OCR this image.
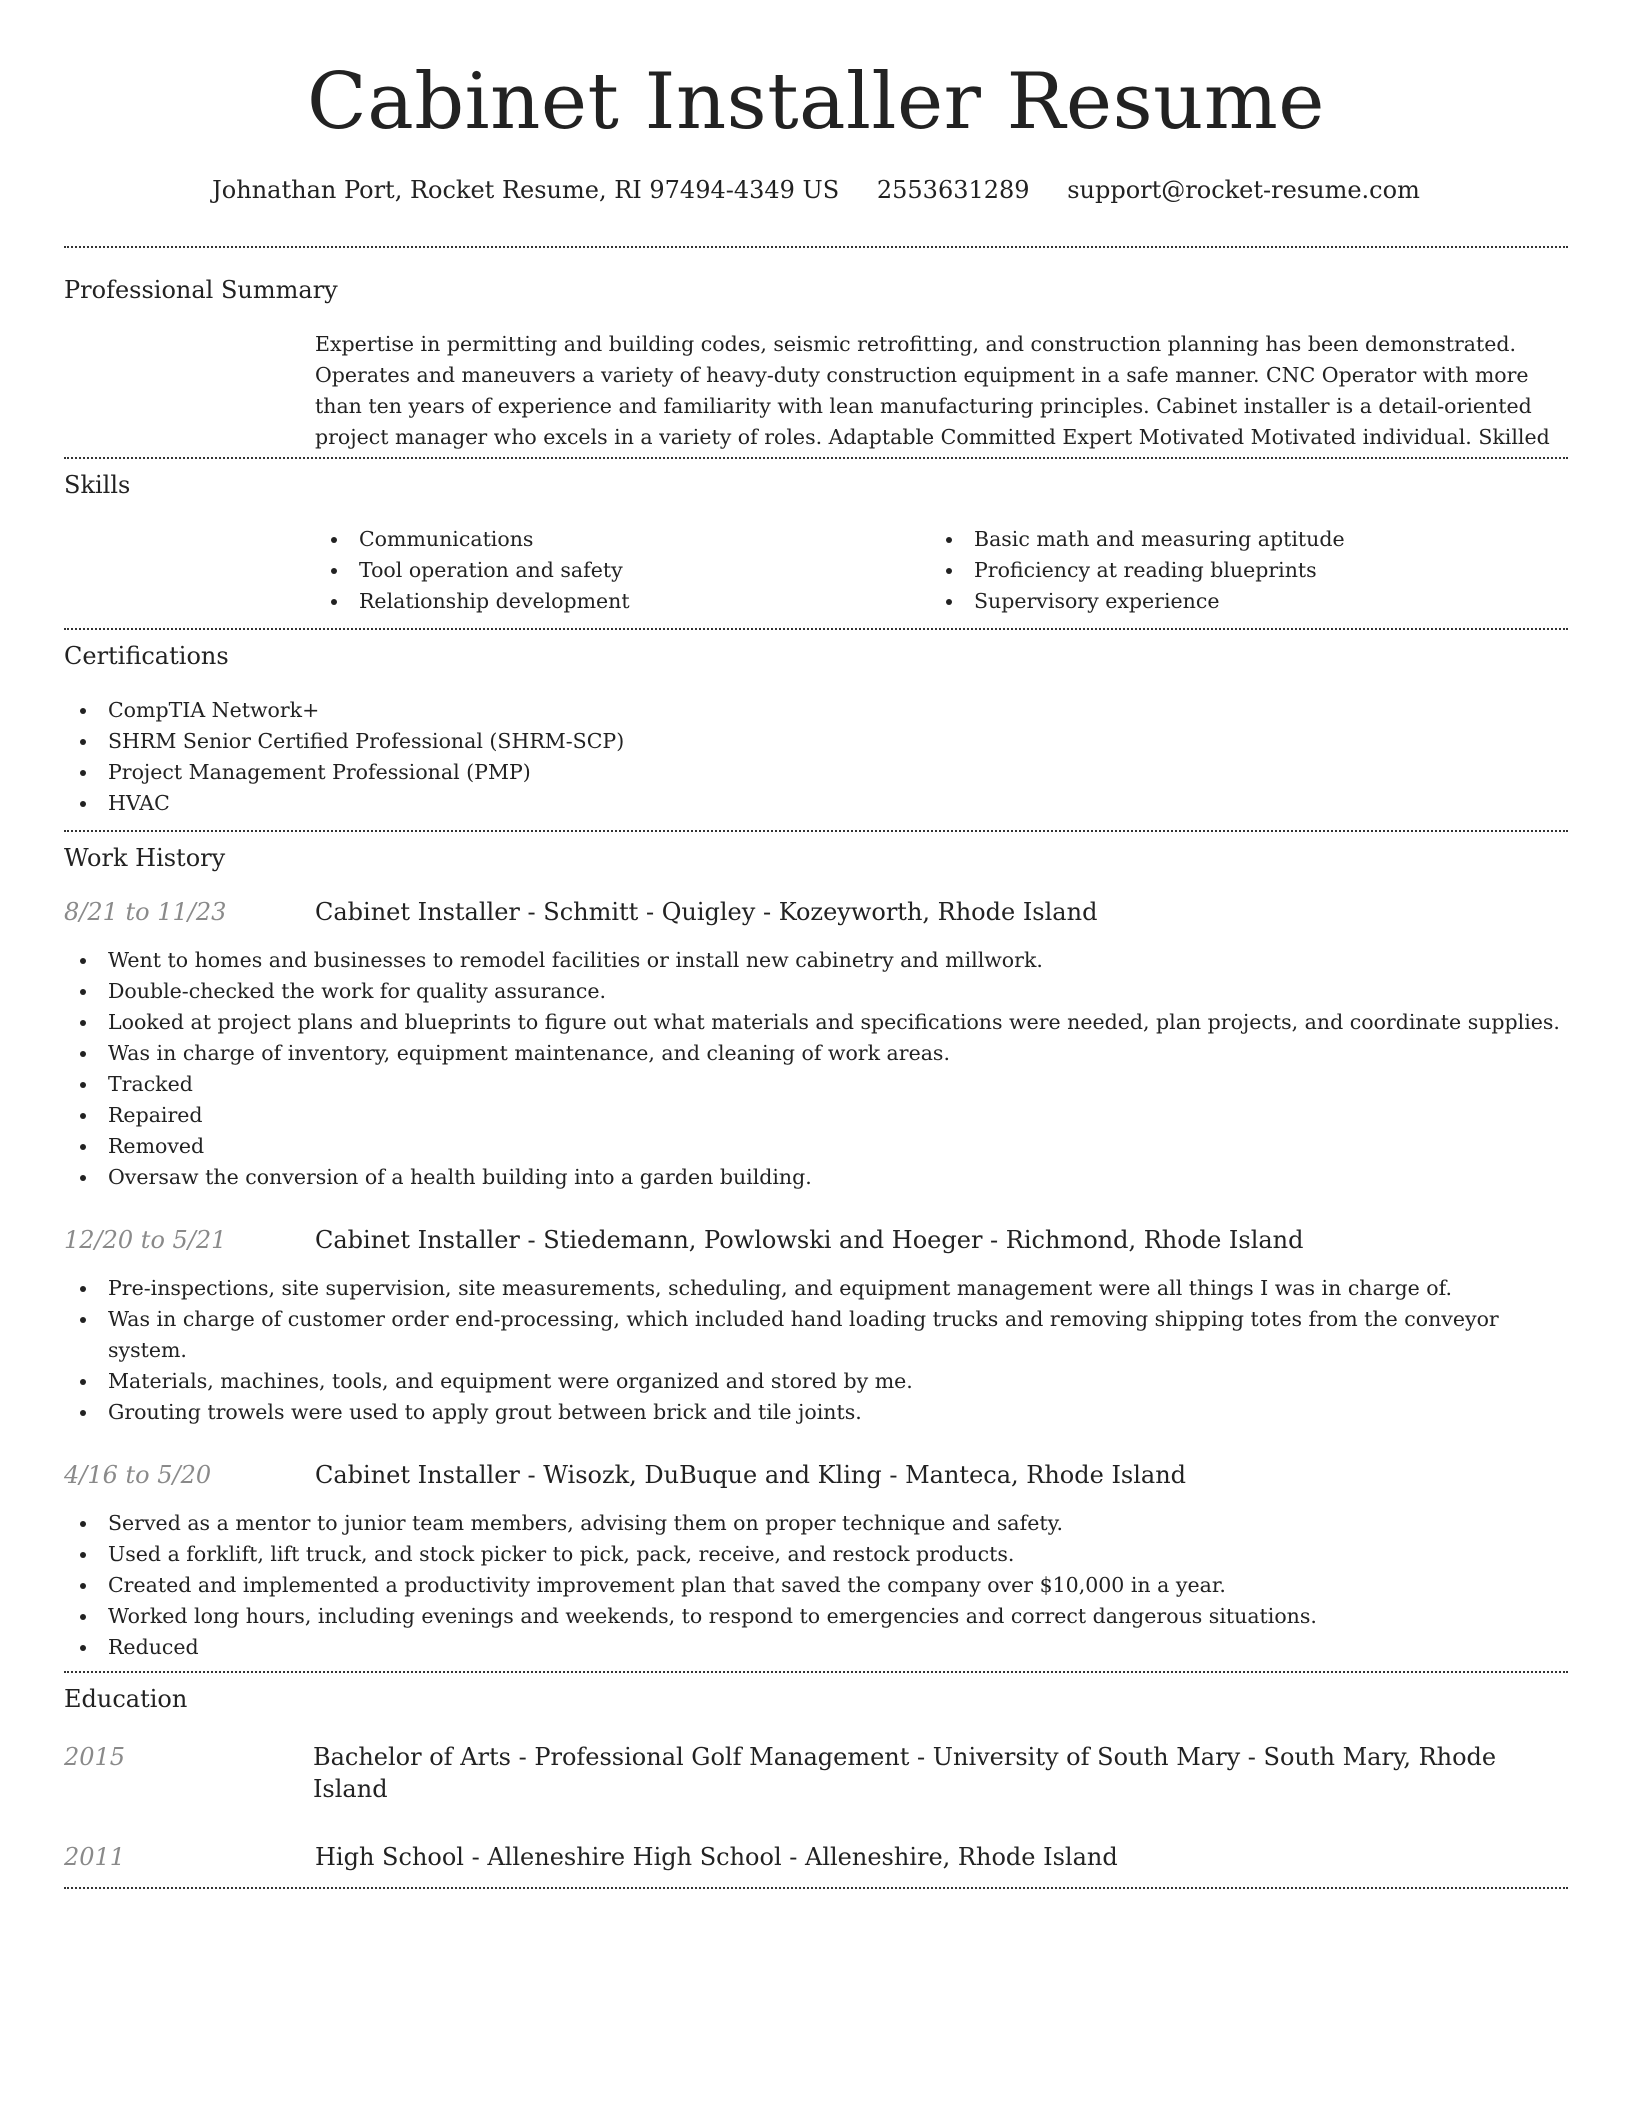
Cabinet Installer Resume
Johnathan Port, Rocket Resume, RI 97494-4349 US 2553631289 support@rocket-resume.com
Professional Summary
Expertise in permitting and building codes, seismic retrofitting, and construction planning has been demonstrated. Operates and maneuvers a variety of heavy-duty construction equipment in a safe manner. CNC Operator with more than ten years of experience and familiarity with lean manufacturing principles. Cabinet installer is a detail-oriented project manager who excels in a variety of roles. Adaptable Committed Expert Motivated Motivated individual. Skilled
Skills
Communications
Tool operation and safety
Relationship development
Basic math and measuring aptitude
Proficiency at reading blueprints
Supervisory experience
Certifications
CompTIA Network+
SHRM Senior Certified Professional (SHRM-SCP)
Project Management Professional (PMP)
HVAC
Work History
8/21 to 11/23	Cabinet Installer - Schmitt - Quigley - Kozeyworth, Rhode Island
Went to homes and businesses to remodel facilities or install new cabinetry and millwork.
Double-checked the work for quality assurance.
Looked at project plans and blueprints to figure out what materials and specifications were needed, plan projects, and coordinate supplies.
Was in charge of inventory, equipment maintenance, and cleaning of work areas.
Tracked
Repaired
Removed
Oversaw the conversion of a health building into a garden building.
12/20 to 5/21	Cabinet Installer - Stiedemann, Powlowski and Hoeger - Richmond, Rhode Island
Pre-inspections, site supervision, site measurements, scheduling, and equipment management were all things I was in charge of.
Was in charge of customer order end-processing, which included hand loading trucks and removing shipping totes from the conveyor system.
Materials, machines, tools, and equipment were organized and stored by me.
Grouting trowels were used to apply grout between brick and tile joints.
4/16 to 5/20	Cabinet Installer - Wisozk, DuBuque and Kling - Manteca, Rhode Island
Served as a mentor to junior team members, advising them on proper technique and safety.
Used a forklift, lift truck, and stock picker to pick, pack, receive, and restock products.
Created and implemented a productivity improvement plan that saved the company over $10,000 in a year.
Worked long hours, including evenings and weekends, to respond to emergencies and correct dangerous situations.
Reduced
Education
2015	Bachelor of Arts - Professional Golf Management - University of South Mary - South Mary, Rhode Island
2011	High School - Alleneshire High School - Alleneshire, Rhode Island
